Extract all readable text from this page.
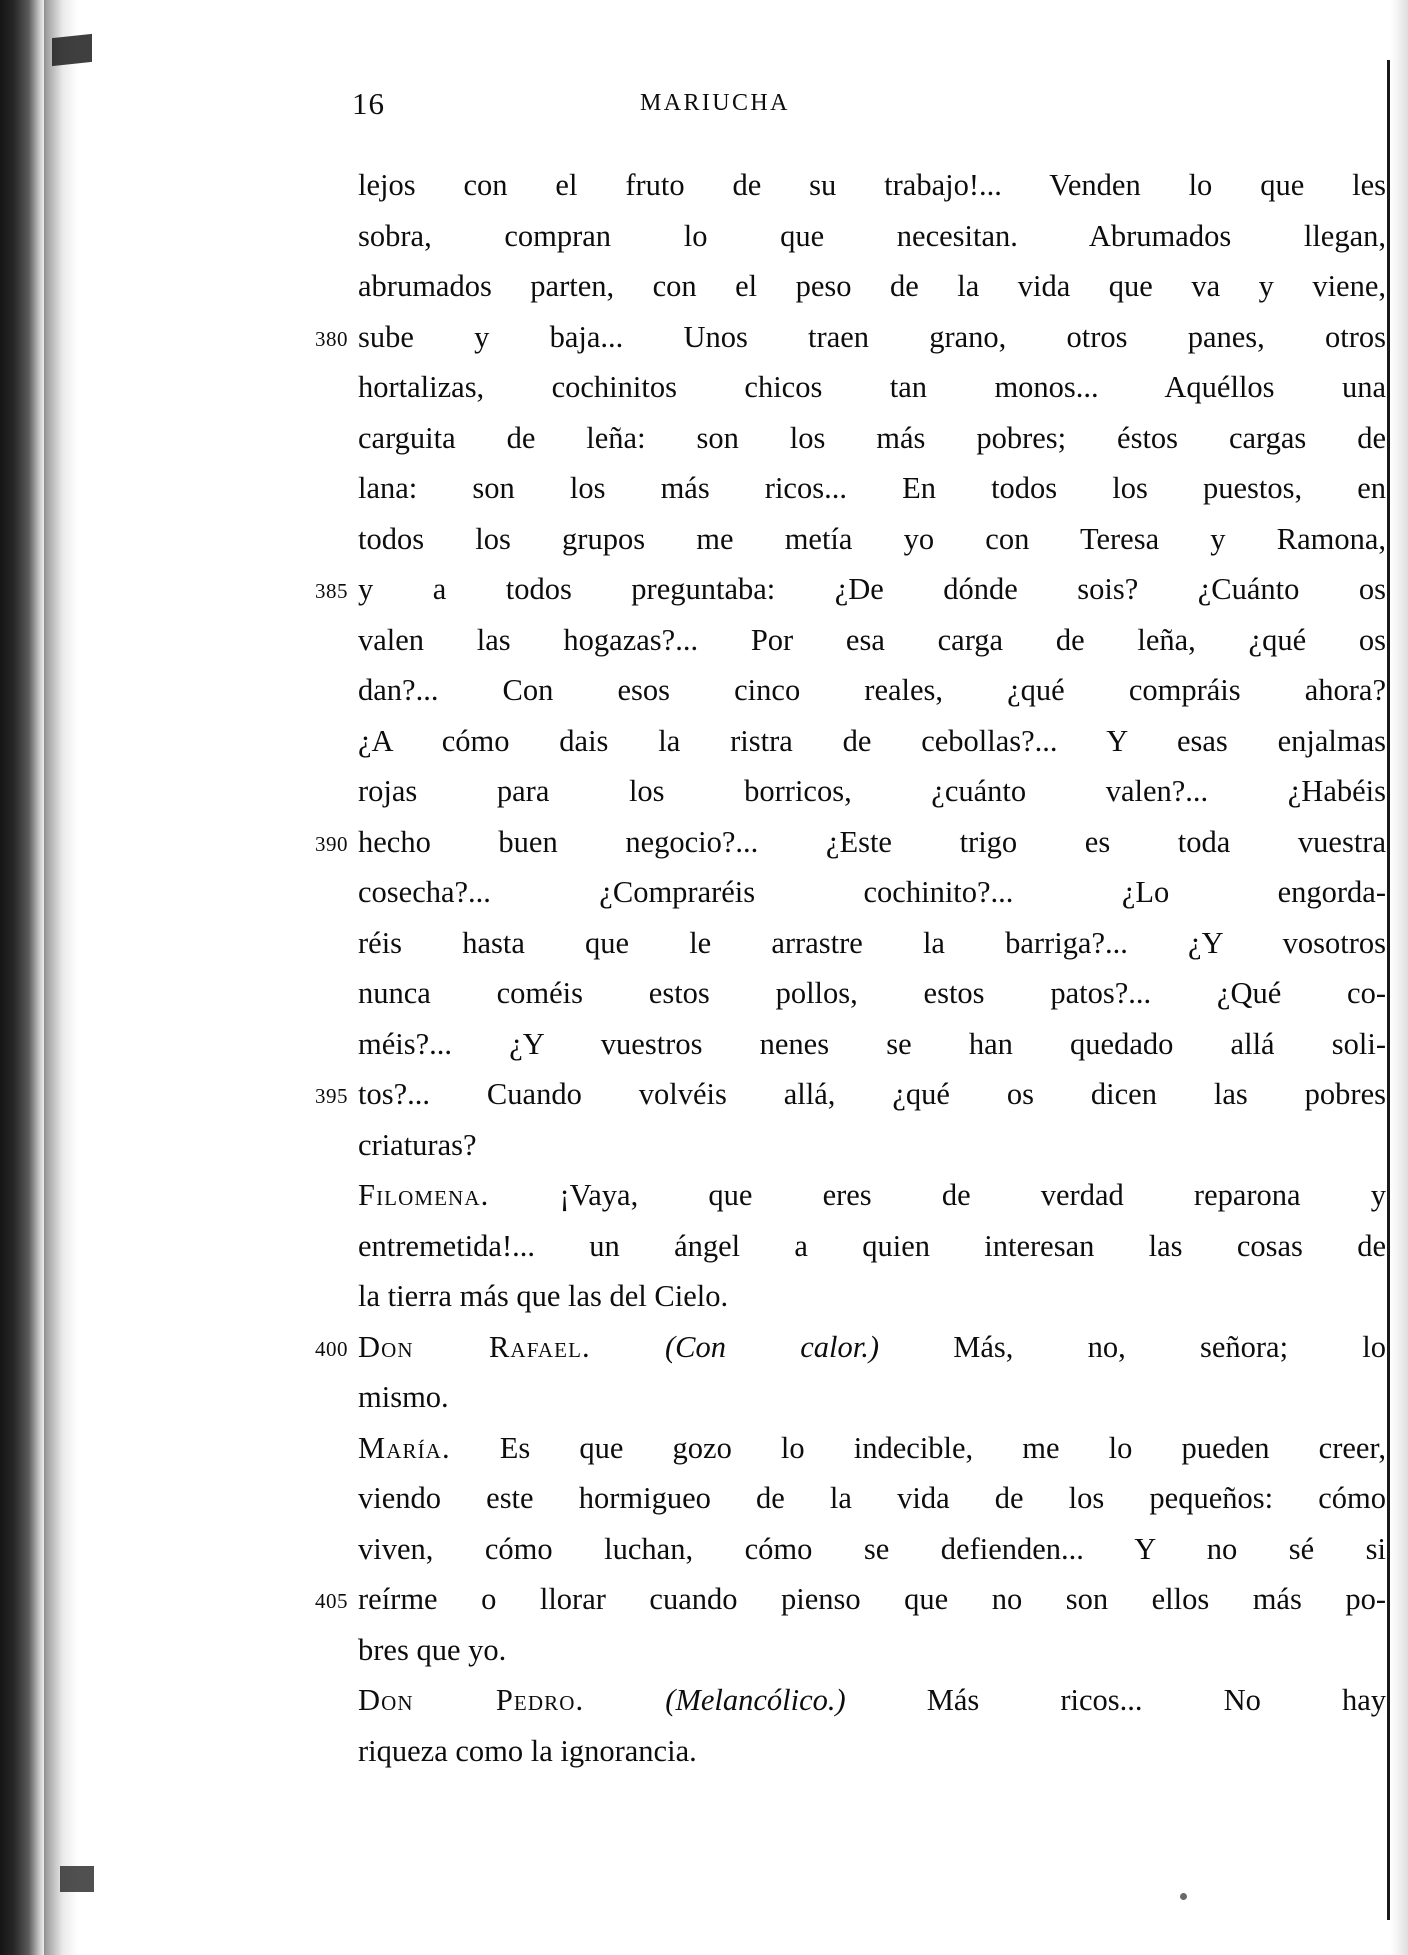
16	MARIUCHA
lejos con el fruto de su trabajo!... Venden lo que les
sobra, compran lo que necesitan. Abrumados llegan,
abrumados parten, con el peso de la vida que va y viene,
380 sube y baja... Unos traen grano, otros panes, otros
hortalizas, cochinitos chicos tan monos... Aquéllos una
carguita de leña: son los más pobres; éstos cargas de
lana: son los más ricos... En todos los puestos, en
todos los grupos me metía yo con Teresa y Ramona,
385 y a todos preguntaba: ¿De dónde sois? ¿Cuánto os
valen las hogazas?... Por esa carga de leña, ¿qué os
dan?... Con esos cinco reales, ¿qué compráis ahora?
¿A cómo dais la ristra de cebollas?... Y esas enjalmas
rojas para los borricos, ¿cuánto valen?... ¿Habéis
390 hecho buen negocio?... ¿Este trigo es toda vuestra
cosecha?... ¿Compraréis cochinito?... ¿Lo engorda-
réis hasta que le arrastre la barriga?... ¿Y vosotros
nunca coméis estos pollos, estos patos?... ¿Qué co-
méis?... ¿Y vuestros nenes se han quedado allá soli-
395 tos?... Cuando volvéis allá, ¿qué os dicen las pobres
criaturas?
Filomena. ¡Vaya, que eres de verdad reparona y
entremetida!... un ángel a quien interesan las cosas de
la tierra más que las del Cielo.
400 Don Rafael. (Con calor.) Más, no, señora; lo
mismo.
María. Es que gozo lo indecible, me lo pueden creer,
viendo este hormigueo de la vida de los pequeños: cómo
viven, cómo luchan, cómo se defienden... Y no sé si
405 reírme o llorar cuando pienso que no son ellos más po-
bres que yo.
Don Pedro.	(Melancólico.) Más ricos... No hay
riqueza como la ignorancia.
